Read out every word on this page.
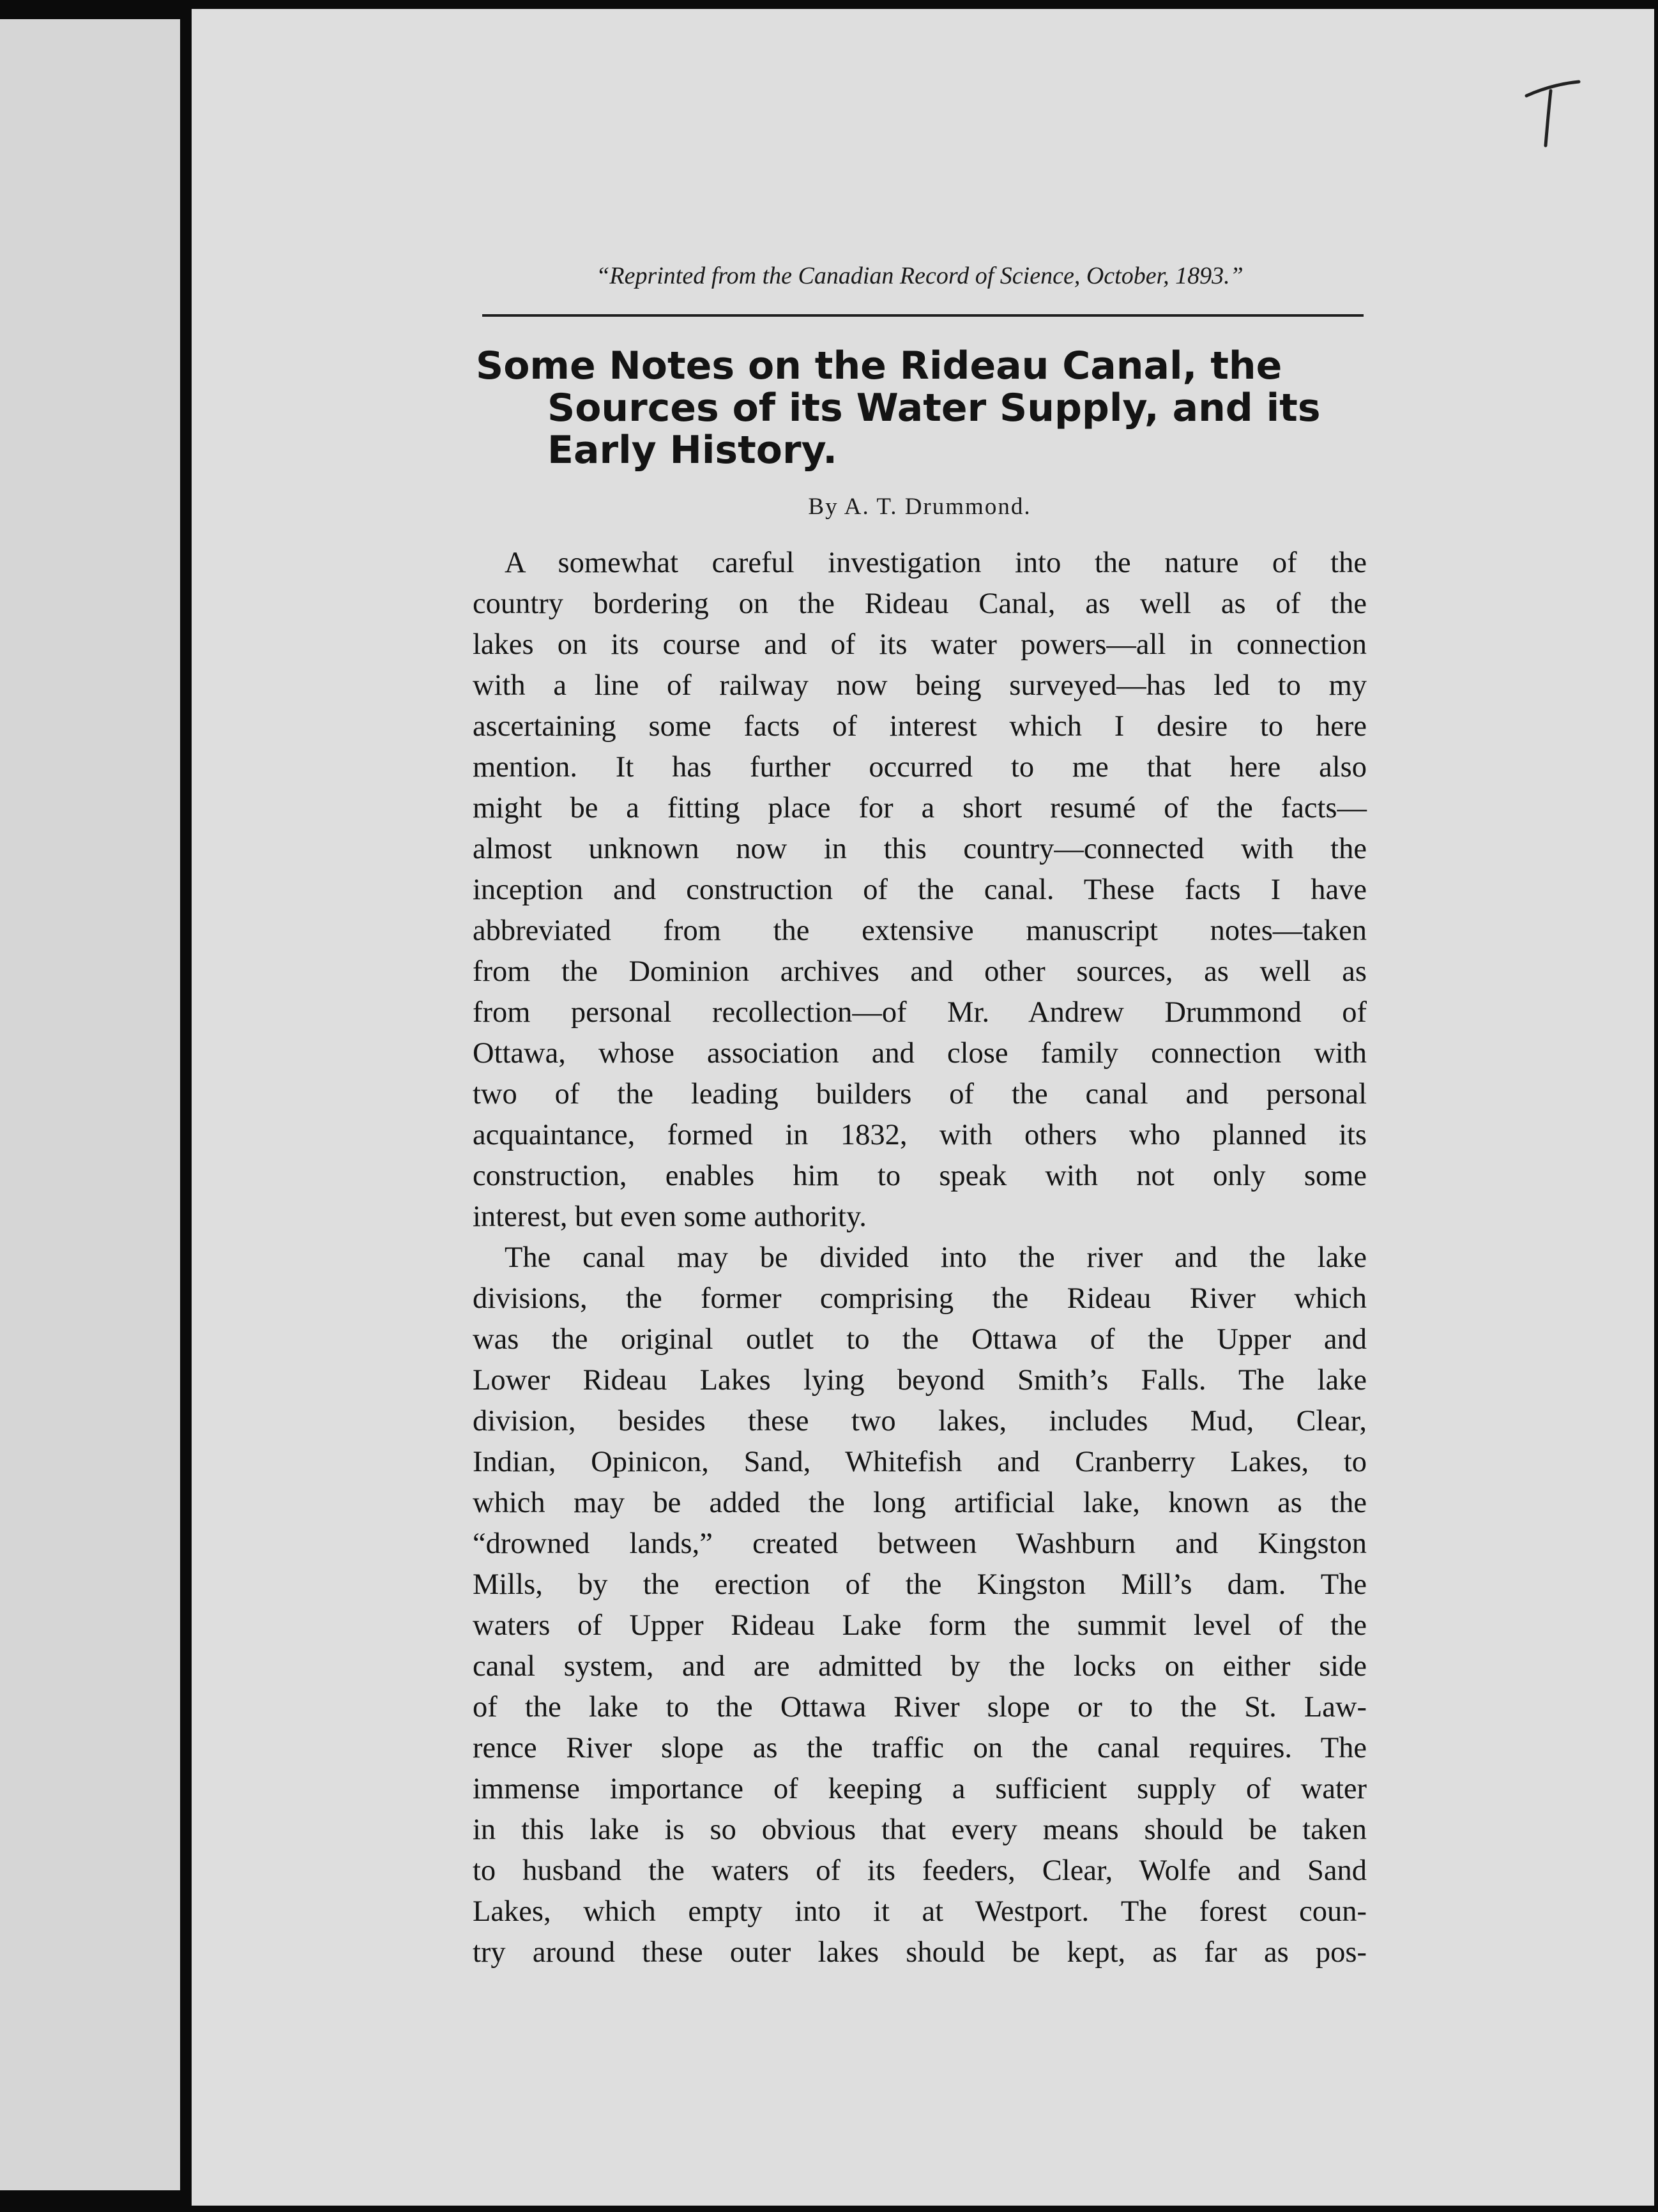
“Reprinted from the Canadian Record of Science, October, 1893.”
Some Notes on the Rideau Canal, the
Sources of its Water Supply, and its
Early History.
By A. T. Drummond.
A somewhat careful investigation into the nature of the
country bordering on the Rideau Canal, as well as of the
lakes on its course and of its water powers—all in connection
with a line of railway now being surveyed—has led to my
ascertaining some facts of interest which I desire to here
mention. It has further occurred to me that here also
might be a fitting place for a short resumé of the facts—
almost unknown now in this country—connected with the
inception and construction of the canal. These facts I have
abbreviated from the extensive manuscript notes—taken
from the Dominion archives and other sources, as well as
from personal recollection—of Mr. Andrew Drummond of
Ottawa, whose association and close family connection with
two of the leading builders of the canal and personal
acquaintance, formed in 1832, with others who planned its
construction, enables him to speak with not only some
interest, but even some authority.
The canal may be divided into the river and the lake
divisions, the former comprising the Rideau River which
was the original outlet to the Ottawa of the Upper and
Lower Rideau Lakes lying beyond Smith’s Falls. The lake
division, besides these two lakes, includes Mud, Clear,
Indian, Opinicon, Sand, Whitefish and Cranberry Lakes, to
which may be added the long artificial lake, known as the
“drowned lands,” created between Washburn and Kingston
Mills, by the erection of the Kingston Mill’s dam. The
waters of Upper Rideau Lake form the summit level of the
canal system, and are admitted by the locks on either side
of the lake to the Ottawa River slope or to the St. Law-
rence River slope as the traffic on the canal requires. The
immense importance of keeping a sufficient supply of water
in this lake is so obvious that every means should be taken
to husband the waters of its feeders, Clear, Wolfe and Sand
Lakes, which empty into it at Westport. The forest coun-
try around these outer lakes should be kept, as far as pos-
